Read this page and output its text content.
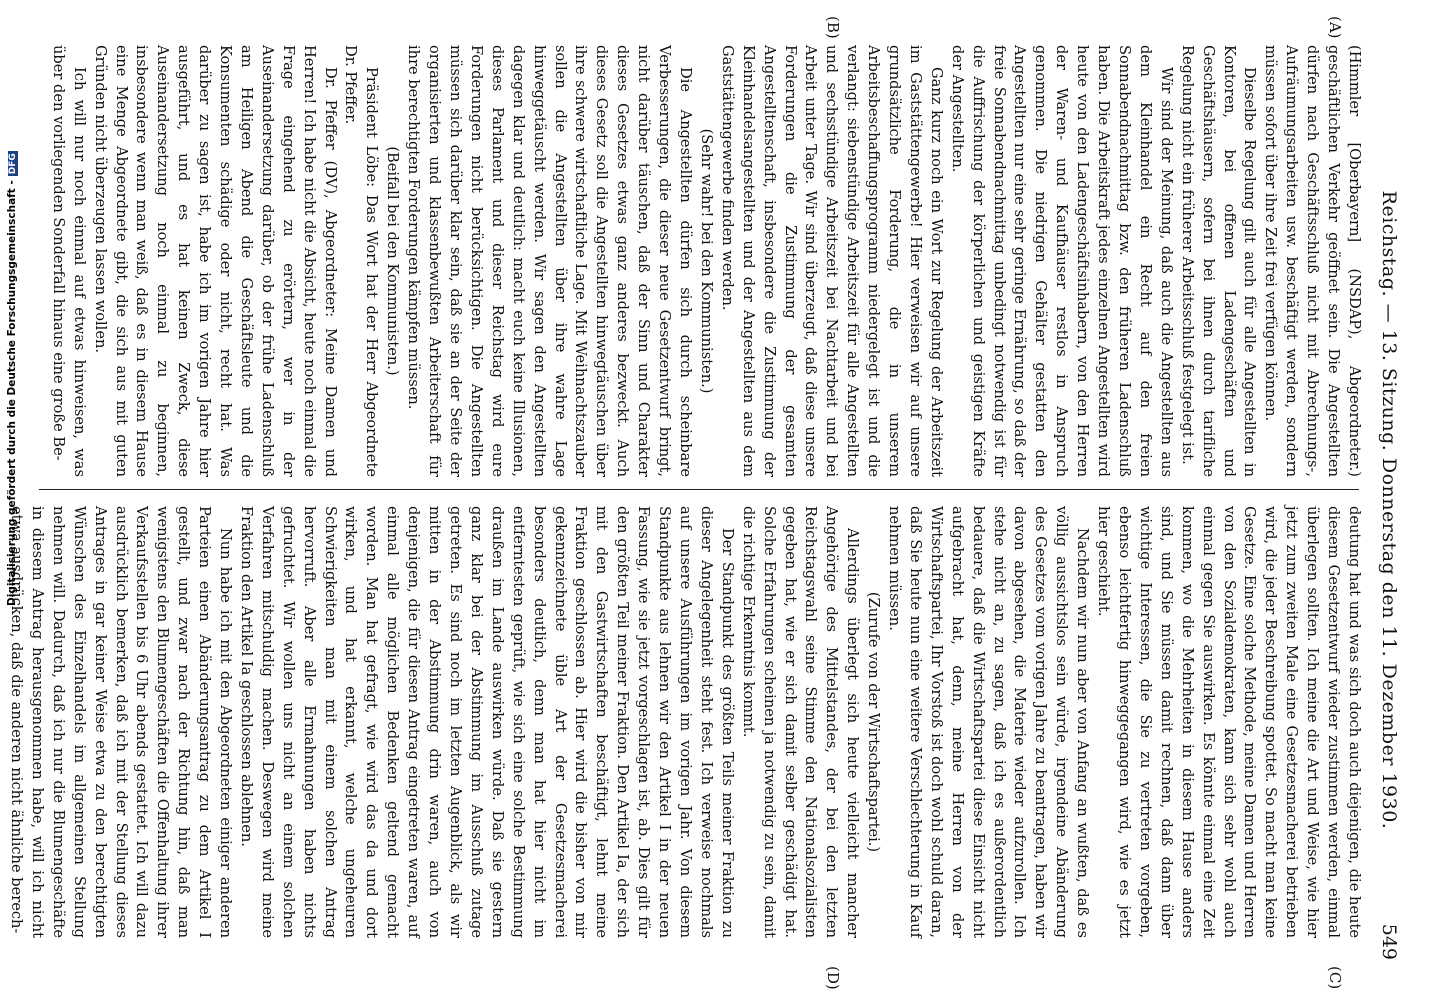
Reichstag. — 13. Sitzung. Donnerstag den 11. Dezember 1930.
549
(A)
(B)
(C)
(D)

(Himmler [Oberbayern] (NSDAP), Abgeordneter.) geschäftlichen Verkehr geöffnet sein. Die Angestellten dürfen nach Geschäftsschluß nicht mit Abrechnungs-, Aufräumungsarbeiten usw. beschäftigt werden, sondern müssen sofort über ihre Zeit frei verfügen können.

Dieselbe Regelung gilt auch für alle Angestellten in Kontoren, bei offenen Ladengeschäften und Geschäftshäusern, sofern bei ihnen durch tarifliche Regelung nicht ein früherer Arbeitsschluß festgelegt ist.

Wir sind der Meinung, daß auch die Angestellten aus dem Kleinhandel ein Recht auf den freien Sonnabendnachmittag bzw. den früheren Ladenschluß haben. Die Arbeitskraft jedes einzelnen Angestellten wird heute von den Ladengeschäftsinhabern, von den Herren der Waren- und Kaufhäuser restlos in Anspruch genommen. Die niedrigen Gehälter gestatten den Angestellten nur eine sehr geringe Ernährung, so daß der freie Sonnabendnachmittag unbedingt notwendig ist für die Auffrischung der körperlichen und geistigen Kräfte der Angestellten.

Ganz kurz noch ein Wort zur Regelung der Arbeitszeit im Gaststättengewerbe! Hier verweisen wir auf unsere grundsätzliche Forderung, die in unserem Arbeitsbeschaffungsprogramm niedergelegt ist und die verlangt: siebenstündige Arbeitszeit für alle Angestellten und sechsstündige Arbeitszeit bei Nachtarbeit und bei Arbeit unter Tage. Wir sind überzeugt, daß diese unsere Forderungen die Zustimmung der gesamten Angestelltenschaft, insbesondere die Zustimmung der Kleinhandelsangestellten und der Angestellten aus dem Gaststättengewerbe finden werden.

(Sehr wahr! bei den Kommunisten.)

Die Angestellten dürfen sich durch scheinbare Verbesserungen, die dieser neue Gesetzentwurf bringt, nicht darüber täuschen, daß der Sinn und Charakter dieses Gesetzes etwas ganz anderes bezweckt. Auch dieses Gesetz soll die Angestellten hinwegtäuschen über ihre schwere wirtschaftliche Lage. Mit Weihnachtszauber sollen die Angestellten über ihre wahre Lage hinweggetäuscht werden. Wir sagen den Angestellten dagegen klar und deutlich: macht euch keine Illusionen, dieses Parlament und dieser Reichstag wird eure Forderungen nicht berücksichtigen. Die Angestellten müssen sich darüber klar sein, daß sie an der Seite der organisierten und klassenbewußten Arbeiterschaft für ihre berechtigten Forderungen kämpfen müssen.

(Beifall bei den Kommunisten.)

Präsident Löbe: Das Wort hat der Herr Abgeordnete Dr. Pfeffer.

Dr. Pfeffer (DV), Abgeordneter: Meine Damen und Herren! Ich habe nicht die Absicht, heute noch einmal die Frage eingehend zu erörtern, wer in der Auseinandersetzung darüber, ob der frühe Ladenschluß am Heiligen Abend die Geschäftsleute und die Konsumenten schädige oder nicht, recht hat. Was darüber zu sagen ist, habe ich im vorigen Jahre hier ausgeführt, und es hat keinen Zweck, diese Auseinandersetzung noch einmal zu beginnen, insbesondere wenn man weiß, daß es in diesem Hause eine Menge Abgeordnete gibt, die sich aus mit guten Gründen nicht überzeugen lassen wollen.

Ich will nur noch einmal auf etwas hinweisen, was über den vorliegenden Sonderfall hinaus eine große Be-

deutung hat und was sich doch auch diejenigen, die heute diesem Gesetzentwurf wieder zustimmen werden, einmal überlegen sollten. Ich meine die Art und Weise, wie hier jetzt zum zweiten Male eine Gesetzesmacherei betrieben wird, die jeder Beschreibung spottet. So macht man keine Gesetze. Eine solche Methode, meine Damen und Herren von den Sozialdemokraten, kann sich sehr wohl auch einmal gegen Sie auswirken. Es könnte einmal eine Zeit kommen, wo die Mehrheiten in diesem Hause anders sind, und Sie müssen damit rechnen, daß dann über wichtige Interessen, die Sie zu vertreten vorgeben, ebenso leichtfertig hinweggegangen wird, wie es jetzt hier geschieht.

Nachdem wir nun aber von Anfang an wußten, daß es völlig aussichtslos sein würde, irgendeine Abänderung des Gesetzes vom vorigen Jahre zu beantragen, haben wir davon abgesehen, die Materie wieder aufzurollen. Ich stehe nicht an, zu sagen, daß ich es außerordentlich bedauere, daß die Wirtschaftspartei diese Einsicht nicht aufgebracht hat, denn, meine Herren von der Wirtschaftspartei, Ihr Vorstoß ist doch wohl schuld daran, daß Sie heute nun eine weitere Verschlechterung in Kauf nehmen müssen.

(Zurufe von der Wirtschaftspartei.)

Allerdings überlegt sich heute vielleicht mancher Angehörige des Mittelstandes, der bei den letzten Reichstagswahl seine Stimme den Nationalsozialisten gegeben hat, wie er sich damit selber geschädigt hat. Solche Erfahrungen scheinen ja notwendig zu sein, damit die richtige Erkenntnis kommt.

Der Standpunkt des größten Teils meiner Fraktion zu dieser Angelegenheit steht fest. Ich verweise nochmals auf unsere Ausführungen im vorigen Jahr. Von diesem Standpunkte aus lehnen wir den Artikel I in der neuen Fassung, wie sie jetzt vorgeschlagen ist, ab. Dies gilt für den größten Teil meiner Fraktion. Den Artikel Ia, der sich mit den Gastwirtschaften beschäftigt, lehnt meine Fraktion geschlossen ab. Hier wird die bisher von mir gekennzeichnete üble Art der Gesetzesmacherei besonders deutlich, denn man hat hier nicht im entferntesten geprüft, wie sich eine solche Bestimmung draußen im Lande auswirken würde. Daß sie gestern ganz klar bei der Abstimmung im Ausschuß zutage getreten. Es sind noch im letzten Augenblick, als wir mitten in der Abstimmung drin waren, auch von denjenigen, die für diesen Antrag eingetreten waren, auf einmal alle möglichen Bedenken geltend gemacht worden. Man hat gefragt, wie wird das da und dort wirken, und hat erkannt, welche ungeheuren Schwierigkeiten man mit einem solchen Antrag hervorruft. Aber alle Ermahnungen haben nichts gefruchtet. Wir wollen uns nicht an einem solchen Verfahren mitschuldig machen. Deswegen wird meine Fraktion den Artikel Ia geschlossen ablehnen.

Nun habe ich mit den Abgeordneten einiger anderen Parteien einen Abänderungsantrag zu dem Artikel I gestellt, und zwar nach der Richtung hin, daß man wenigstens den Blumengeschäften die Offenhaltung ihrer Verkaufsstellen bis 6 Uhr abends gestattet. Ich will dazu ausdrücklich bemerken, daß ich mit der Stellung dieses Antrages in gar keiner Weise etwa zu den berechtigten Wünschen des Einzelhandels im allgemeinen Stellung nehmen will. Dadurch, daß ich nur die Blumengeschäfte in diesem Antrag herausgenommen habe, will ich nicht etwa ausdrücken, daß die anderen nicht ähnliche berech-

Digitalisierung gefördert durch die Deutsche Forschungsgemeinschaft -DFG
